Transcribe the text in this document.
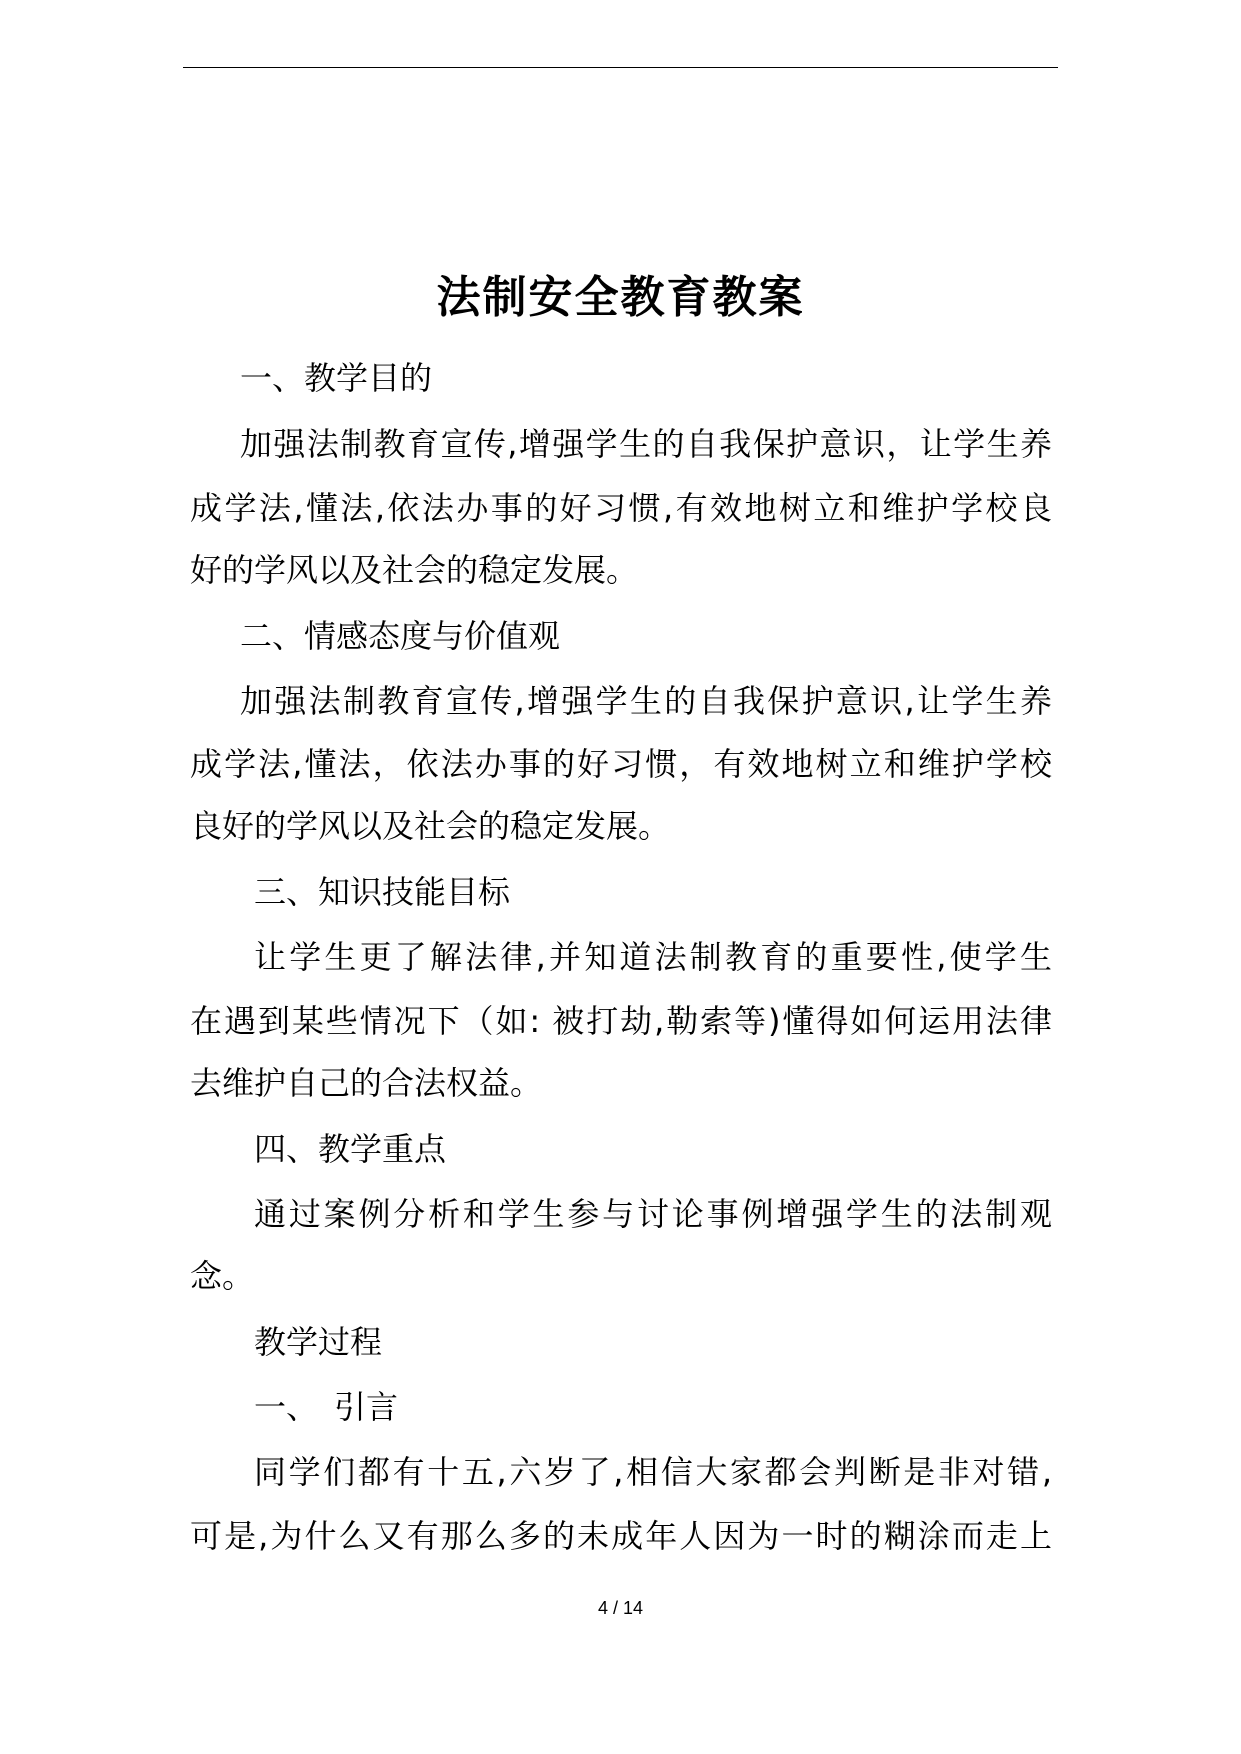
法制安全教育教案
一、教学目的
加强法制教育宣传,增强学生的自我保护意识，让学生养
成学法,懂法,依法办事的好习惯,有效地树立和维护学校良
好的学风以及社会的稳定发展。
二、情感态度与价值观
加强法制教育宣传,增强学生的自我保护意识,让学生养
成学法,懂法，依法办事的好习惯，有效地树立和维护学校
良好的学风以及社会的稳定发展。
三、知识技能目标
让学生更了解法律,并知道法制教育的重要性,使学生
在遇到某些情况下（如: 被打劫,勒索等)懂得如何运用法律
去维护自己的合法权益。
四、教学重点
通过案例分析和学生参与讨论事例增强学生的法制观
念。
教学过程
一、　引言
同学们都有十五,六岁了,相信大家都会判断是非对错,
可是,为什么又有那么多的未成年人因为一时的糊涂而走上
4 / 14
